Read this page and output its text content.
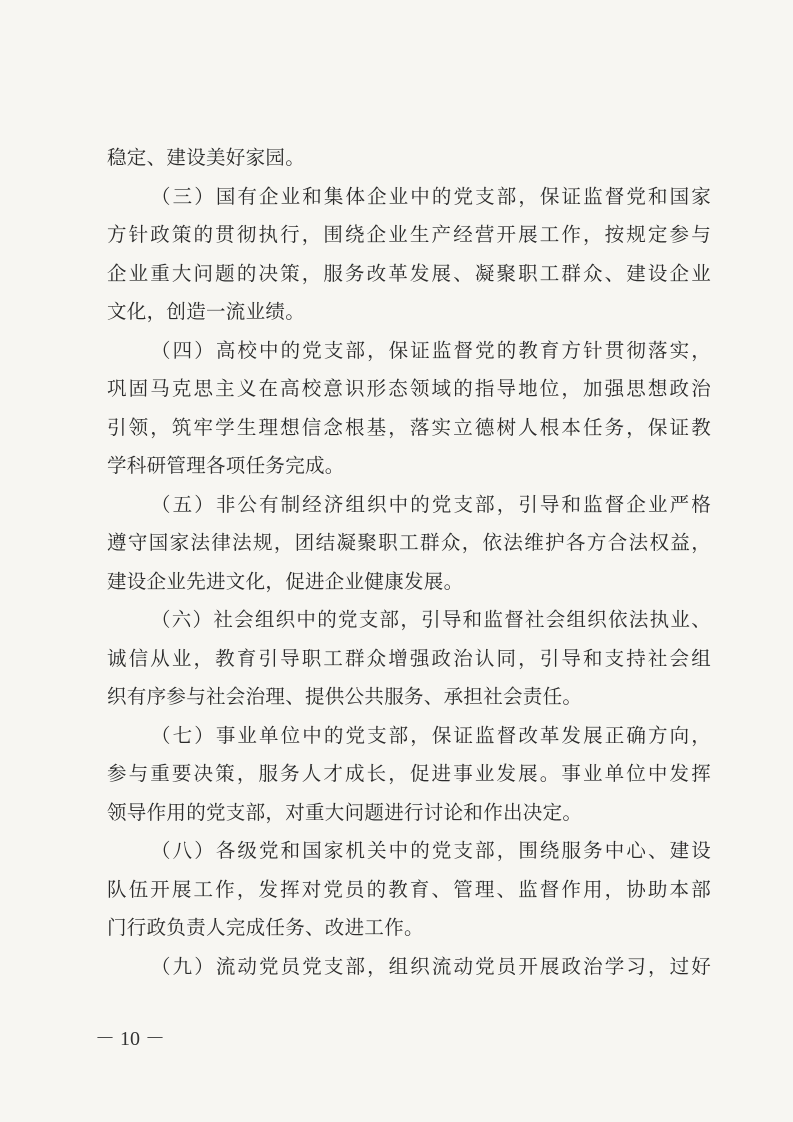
稳定、建设美好家园。
（三）国有企业和集体企业中的党支部，保证监督党和国家
方针政策的贯彻执行，围绕企业生产经营开展工作，按规定参与
企业重大问题的决策，服务改革发展、凝聚职工群众、建设企业
文化，创造一流业绩。
（四）高校中的党支部，保证监督党的教育方针贯彻落实，
巩固马克思主义在高校意识形态领域的指导地位，加强思想政治
引领，筑牢学生理想信念根基，落实立德树人根本任务，保证教
学科研管理各项任务完成。
（五）非公有制经济组织中的党支部，引导和监督企业严格
遵守国家法律法规，团结凝聚职工群众，依法维护各方合法权益，
建设企业先进文化，促进企业健康发展。
（六）社会组织中的党支部，引导和监督社会组织依法执业、
诚信从业，教育引导职工群众增强政治认同，引导和支持社会组
织有序参与社会治理、提供公共服务、承担社会责任。
（七）事业单位中的党支部，保证监督改革发展正确方向，
参与重要决策，服务人才成长，促进事业发展。事业单位中发挥
领导作用的党支部，对重大问题进行讨论和作出决定。
（八）各级党和国家机关中的党支部，围绕服务中心、建设
队伍开展工作，发挥对党员的教育、管理、监督作用，协助本部
门行政负责人完成任务、改进工作。
（九）流动党员党支部，组织流动党员开展政治学习，过好
－ 10 －
